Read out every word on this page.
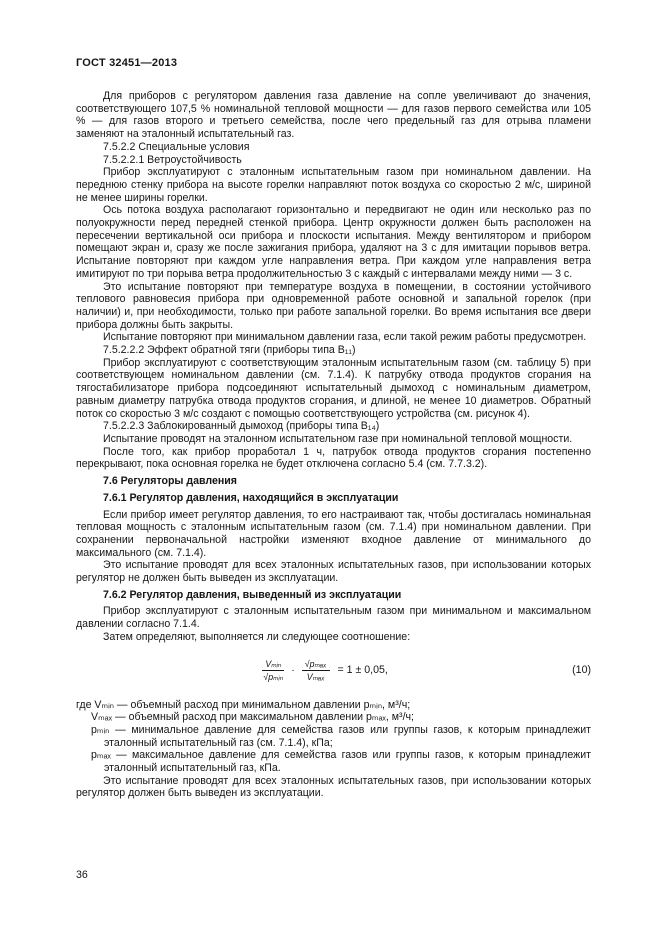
ГОСТ 32451—2013

Для приборов с регулятором давления газа давление на сопле увеличивают до значения, соответствующего 107,5 % номинальной тепловой мощности — для газов первого семейства или 105 % — для газов второго и третьего семейства, после чего предельный газ для отрыва пламени заменяют на эталонный испытательный газ.

7.5.2.2 Специальные условия

7.5.2.2.1 Ветроустойчивость

Прибор эксплуатируют с эталонным испытательным газом при номинальном давлении. На переднюю стенку прибора на высоте горелки направляют поток воздуха со скоростью 2 м/с, шириной не менее ширины горелки.

Ось потока воздуха располагают горизонтально и передвигают не один или несколько раз по полуокружности перед передней стенкой прибора. Центр окружности должен быть расположен на пересечении вертикальной оси прибора и плоскости испытания. Между вентилятором и прибором помещают экран и, сразу же после зажигания прибора, удаляют на 3 с для имитации порывов ветра. Испытание повторяют при каждом угле направления ветра. При каждом угле направления ветра имитируют по три порыва ветра продолжительностью 3 с каждый с интервалами между ними — 3 с.

Это испытание повторяют при температуре воздуха в помещении, в состоянии устойчивого теплового равновесия прибора при одновременной работе основной и запальной горелок (при наличии) и, при необходимости, только при работе запальной горелки. Во время испытания все двери прибора должны быть закрыты.

Испытание повторяют при минимальном давлении газа, если такой режим работы предусмотрен.

7.5.2.2.2 Эффект обратной тяги (приборы типа B₁₁)

Прибор эксплуатируют с соответствующим эталонным испытательным газом (см. таблицу 5) при соответствующем номинальном давлении (см. 7.1.4). К патрубку отвода продуктов сгорания на тягостабилизаторе прибора подсоединяют испытательный дымоход с номинальным диаметром, равным диаметру патрубка отвода продуктов сгорания, и длиной, не менее 10 диаметров. Обратный поток со скоростью 3 м/с создают с помощью соответствующего устройства (см. рисунок 4).

7.5.2.2.3 Заблокированный дымоход (приборы типа B₁₄)

Испытание проводят на эталонном испытательном газе при номинальной тепловой мощности.

После того, как прибор проработал 1 ч, патрубок отвода продуктов сгорания постепенно перекрывают, пока основная горелка не будет отключена согласно 5.4 (см. 7.7.3.2).

7.6 Регуляторы давления

7.6.1 Регулятор давления, находящийся в эксплуатации

Если прибор имеет регулятор давления, то его настраивают так, чтобы достигалась номинальная тепловая мощность с эталонным испытательным газом (см. 7.1.4) при номинальном давлении. При сохранении первоначальной настройки изменяют входное давление от минимального до максимального (см. 7.1.4).

Это испытание проводят для всех эталонных испытательных газов, при использовании которых регулятор не должен быть выведен из эксплуатации.

7.6.2 Регулятор давления, выведенный из эксплуатации

Прибор эксплуатируют с эталонным испытательным газом при минимальном и максимальном давлении согласно 7.1.4.

Затем определяют, выполняется ли следующее соотношение:

$\frac{\text{Vₘᵢₙ}}{\text{√pₘᵢₙ}} \cdot \frac{\text{√pₘₐₓ}}{\text{Vₘₐₓ}} = 1 \pm 0,05$,	(10)

где Vₘᵢₙ — объемный расход при минимальном давлении pₘᵢₙ, м³/ч;

Vₘₐₓ — объемный расход при максимальном давлении pₘₐₓ, м³/ч;

pₘᵢₙ — минимальное давление для семейства газов или группы газов, к которым принадлежит эталонный испытательный газ (см. 7.1.4), кПа;

pₘₐₓ — максимальное давление для семейства газов или группы газов, к которым принадлежит эталонный испытательный газ, кПа.

Это испытание проводят для всех эталонных испытательных газов, при использовании которых регулятор должен быть выведен из эксплуатации.

36
